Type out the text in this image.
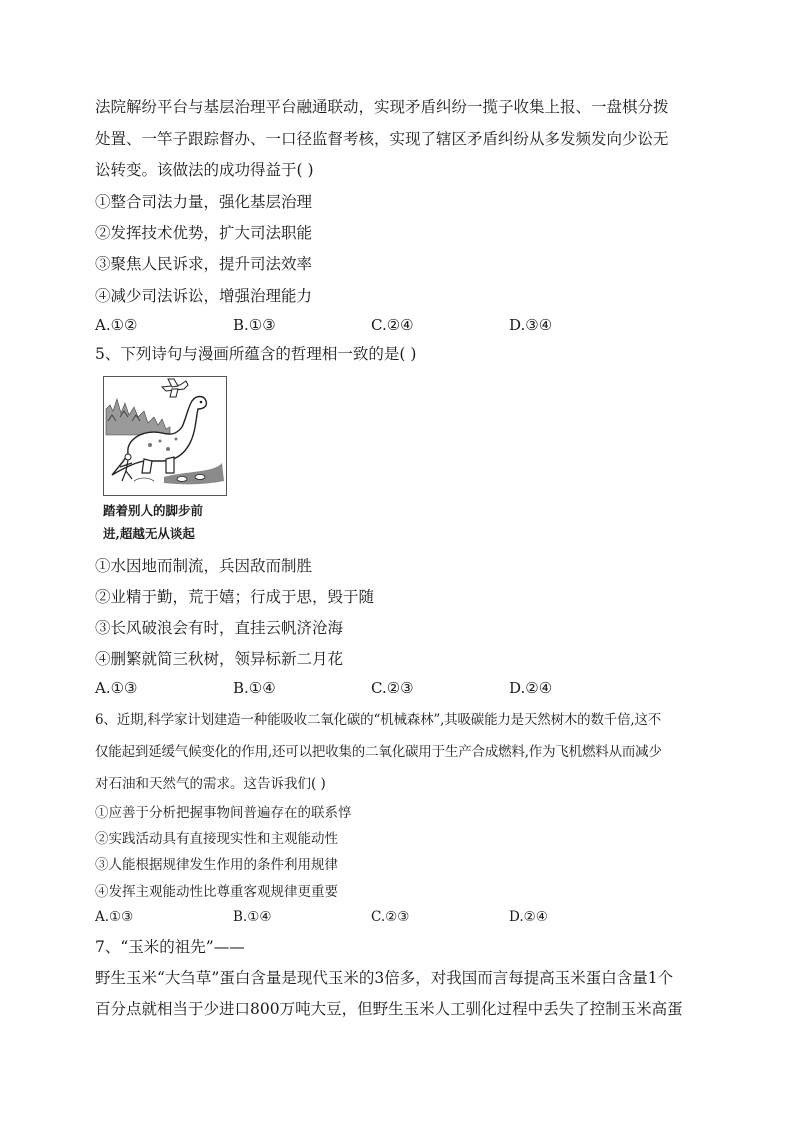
法院解纷平台与基层治理平台融通联动，实现矛盾纠纷一揽子收集上报、一盘棋分拨
处置、一竿子跟踪督办、一口径监督考核，实现了辖区矛盾纠纷从多发频发向少讼无
讼转变。该做法的成功得益于( )
①整合司法力量，强化基层治理
②发挥技术优势，扩大司法职能
③聚焦人民诉求，提升司法效率
④减少司法诉讼，增强治理能力
A.①②	B.①③	C.②④	D.③④
5、下列诗句与漫画所蕴含的哲理相一致的是( )
踏着别人的脚步前
进,超越无从谈起
①水因地而制流，兵因敌而制胜
②业精于勤，荒于嬉；行成于思，毁于随
③长风破浪会有时，直挂云帆济沧海
④删繁就简三秋树，领异标新二月花
A.①③	B.①④	C.②③	D.②④
6、近期,科学家计划建造一种能吸收二氧化碳的“机械森林”,其吸碳能力是天然树木的数千倍,这不
仅能起到延缓气候变化的作用,还可以把收集的二氧化碳用于生产合成燃料,作为飞机燃料从而减少
对石油和天然气的需求。这告诉我们( )
①应善于分析把握事物间普遍存在的联系惇
②实践活动具有直接现实性和主观能动性
③人能根据规律发生作用的条件利用规律
④发挥主观能动性比尊重客观规律更重要
A.①③	B.①④	C.②③	D.②④
7、“玉米的祖先”——
野生玉米“大刍草”蛋白含量是现代玉米的3倍多，对我国而言每提高玉米蛋白含量1个
百分点就相当于少进口800万吨大豆，但野生玉米人工驯化过程中丢失了控制玉米高蛋
